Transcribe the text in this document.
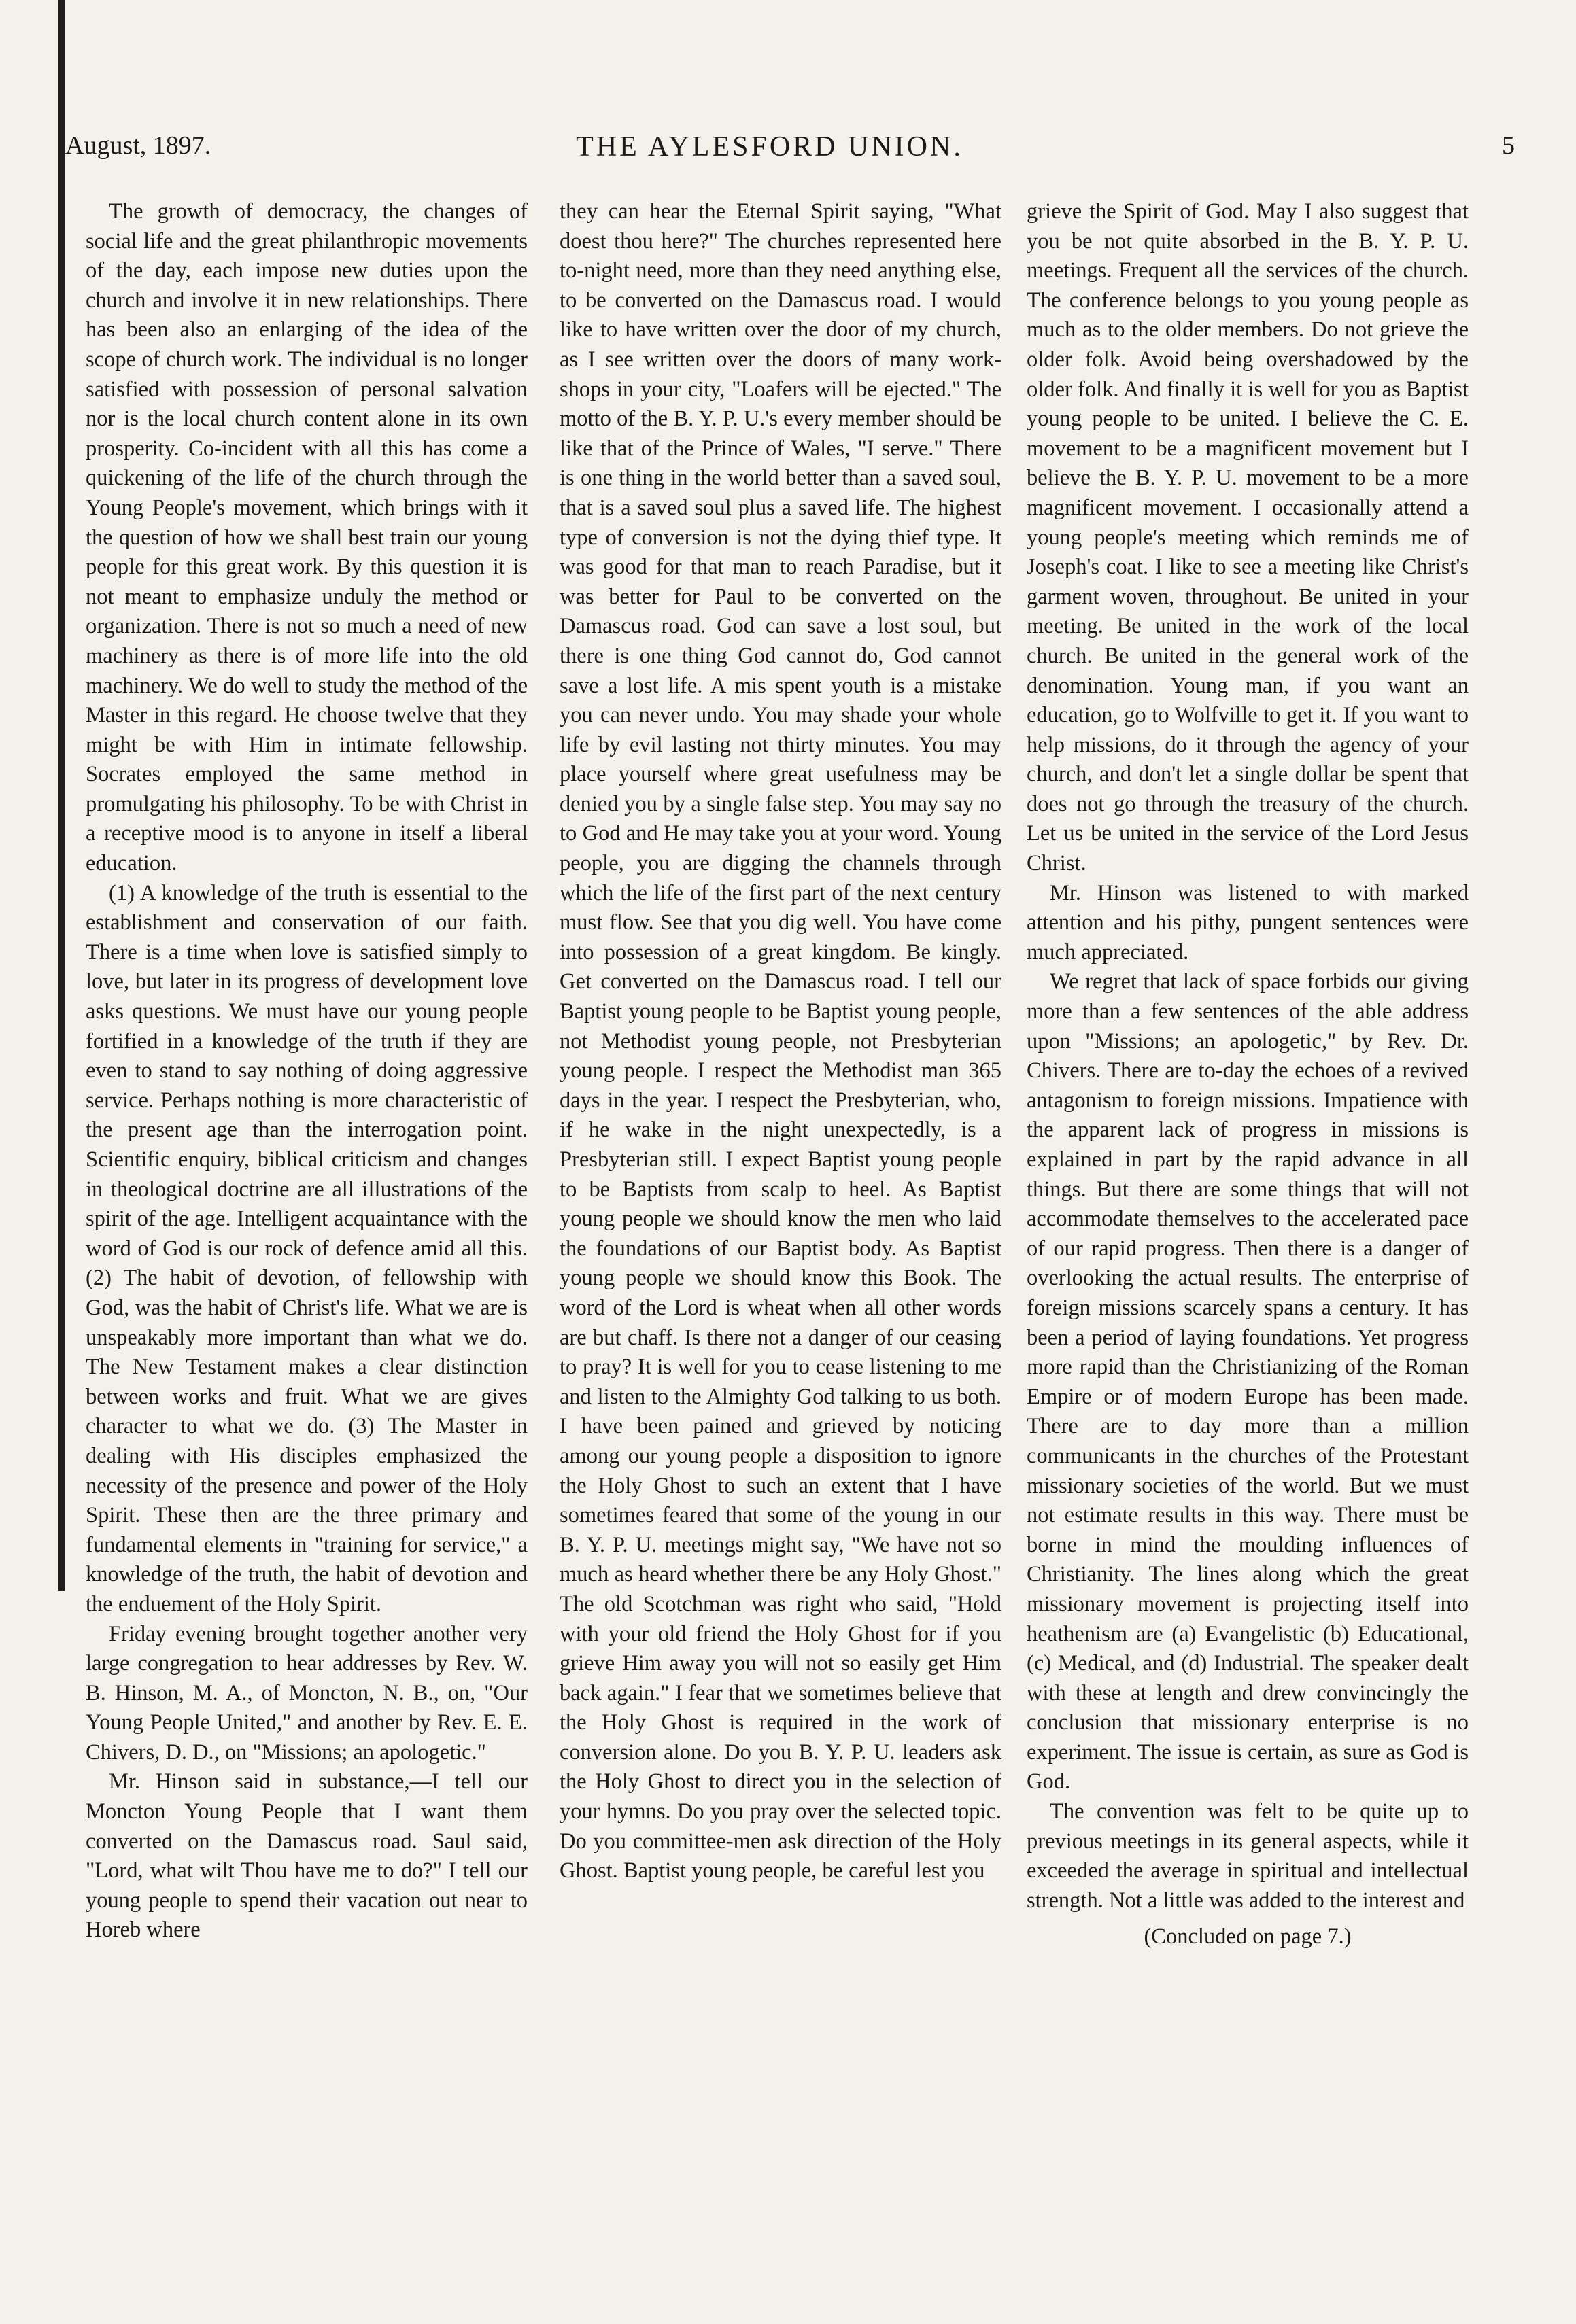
August, 1897.	THE AYLESFORD UNION.	5

The growth of democracy, the changes of social life and the great philanthropic movements of the day, each impose new duties upon the church and involve it in new relationships. There has been also an enlarging of the idea of the scope of church work. The individual is no longer satisfied with possession of personal salvation nor is the local church content alone in its own prosperity. Co-incident with all this has come a quickening of the life of the church through the Young People's movement, which brings with it the question of how we shall best train our young people for this great work. By this question it is not meant to emphasize unduly the method or organization. There is not so much a need of new machinery as there is of more life into the old machinery. We do well to study the method of the Master in this regard. He choose twelve that they might be with Him in intimate fellowship. Socrates employed the same method in promulgating his philosophy. To be with Christ in a receptive mood is to anyone in itself a liberal education.

(1) A knowledge of the truth is essential to the establishment and conservation of our faith. There is a time when love is satisfied simply to love, but later in its progress of development love asks questions. We must have our young people fortified in a knowledge of the truth if they are even to stand to say nothing of doing aggressive service. Perhaps nothing is more characteristic of the present age than the interrogation point. Scientific enquiry, biblical criticism and changes in theological doctrine are all illustrations of the spirit of the age. Intelligent acquaintance with the word of God is our rock of defence amid all this. (2) The habit of devotion, of fellowship with God, was the habit of Christ's life. What we are is unspeakably more important than what we do. The New Testament makes a clear distinction between works and fruit. What we are gives character to what we do. (3) The Master in dealing with His disciples emphasized the necessity of the presence and power of the Holy Spirit. These then are the three primary and fundamental elements in "training for service," a knowledge of the truth, the habit of devotion and the enduement of the Holy Spirit.

Friday evening brought together another very large congregation to hear addresses by Rev. W. B. Hinson, M. A., of Moncton, N. B., on, "Our Young People United," and another by Rev. E. E. Chivers, D. D., on "Missions; an apologetic."

Mr. Hinson said in substance,—I tell our Moncton Young People that I want them converted on the Damascus road. Saul said, "Lord, what wilt Thou have me to do?" I tell our young people to spend their vacation out near to Horeb where

they can hear the Eternal Spirit saying, "What doest thou here?" The churches represented here to-night need, more than they need anything else, to be converted on the Damascus road. I would like to have written over the door of my church, as I see written over the doors of many work-shops in your city, "Loafers will be ejected." The motto of the B. Y. P. U.'s every member should be like that of the Prince of Wales, "I serve." There is one thing in the world better than a saved soul, that is a saved soul plus a saved life. The highest type of conversion is not the dying thief type. It was good for that man to reach Paradise, but it was better for Paul to be converted on the Damascus road. God can save a lost soul, but there is one thing God cannot do, God cannot save a lost life. A mis spent youth is a mistake you can never undo. You may shade your whole life by evil lasting not thirty minutes. You may place yourself where great usefulness may be denied you by a single false step. You may say no to God and He may take you at your word. Young people, you are digging the channels through which the life of the first part of the next century must flow. See that you dig well. You have come into possession of a great kingdom. Be kingly. Get converted on the Damascus road. I tell our Baptist young people to be Baptist young people, not Methodist young people, not Presbyterian young people. I respect the Methodist man 365 days in the year. I respect the Presbyterian, who, if he wake in the night unexpectedly, is a Presbyterian still. I expect Baptist young people to be Baptists from scalp to heel. As Baptist young people we should know the men who laid the foundations of our Baptist body. As Baptist young people we should know this Book. The word of the Lord is wheat when all other words are but chaff. Is there not a danger of our ceasing to pray? It is well for you to cease listening to me and listen to the Almighty God talking to us both. I have been pained and grieved by noticing among our young people a disposition to ignore the Holy Ghost to such an extent that I have sometimes feared that some of the young in our B. Y. P. U. meetings might say, "We have not so much as heard whether there be any Holy Ghost." The old Scotchman was right who said, "Hold with your old friend the Holy Ghost for if you grieve Him away you will not so easily get Him back again." I fear that we sometimes believe that the Holy Ghost is required in the work of conversion alone. Do you B. Y. P. U. leaders ask the Holy Ghost to direct you in the selection of your hymns. Do you pray over the selected topic. Do you committee-men ask direction of the Holy Ghost. Baptist young people, be careful lest you

grieve the Spirit of God. May I also suggest that you be not quite absorbed in the B. Y. P. U. meetings. Frequent all the services of the church. The conference belongs to you young people as much as to the older members. Do not grieve the older folk. Avoid being overshadowed by the older folk. And finally it is well for you as Baptist young people to be united. I believe the C. E. movement to be a magnificent movement but I believe the B. Y. P. U. movement to be a more magnificent movement. I occasionally attend a young people's meeting which reminds me of Joseph's coat. I like to see a meeting like Christ's garment woven, throughout. Be united in your meeting. Be united in the work of the local church. Be united in the general work of the denomination. Young man, if you want an education, go to Wolfville to get it. If you want to help missions, do it through the agency of your church, and don't let a single dollar be spent that does not go through the treasury of the church. Let us be united in the service of the Lord Jesus Christ.

Mr. Hinson was listened to with marked attention and his pithy, pungent sentences were much appreciated.

We regret that lack of space forbids our giving more than a few sentences of the able address upon "Missions; an apologetic," by Rev. Dr. Chivers. There are to-day the echoes of a revived antagonism to foreign missions. Impatience with the apparent lack of progress in missions is explained in part by the rapid advance in all things. But there are some things that will not accommodate themselves to the accelerated pace of our rapid progress. Then there is a danger of overlooking the actual results. The enterprise of foreign missions scarcely spans a century. It has been a period of laying foundations. Yet progress more rapid than the Christianizing of the Roman Empire or of modern Europe has been made. There are to day more than a million communicants in the churches of the Protestant missionary societies of the world. But we must not estimate results in this way. There must be borne in mind the moulding influences of Christianity. The lines along which the great missionary movement is projecting itself into heathenism are (a) Evangelistic (b) Educational, (c) Medical, and (d) Industrial. The speaker dealt with these at length and drew convincingly the conclusion that missionary enterprise is no experiment. The issue is certain, as sure as God is God.

The convention was felt to be quite up to previous meetings in its general aspects, while it exceeded the average in spiritual and intellectual strength. Not a little was added to the interest and

(Concluded on page 7.)
